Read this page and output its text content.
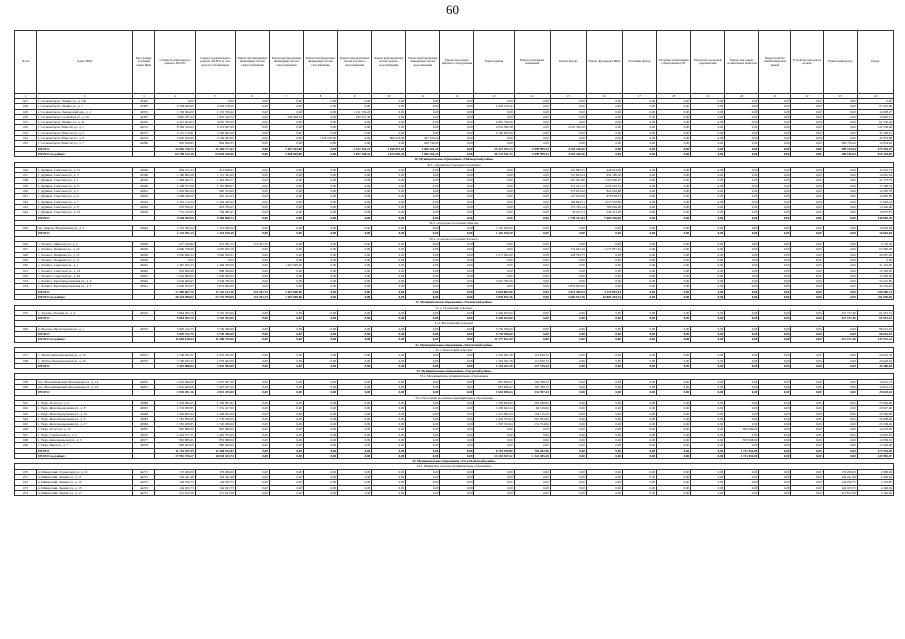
60
№ п/п	Адрес МКД	Про-грамма/ условный номер МКД	Стоимость капитального ремонта, ВСЕГО	Стоимость капитального ремонта, ВСЕГО за счет средств собственников	Ремонт внутридомовых инженерных систем электроснабжения	Ремонт внутридомовых инженерных систем теплоснабжения	Ремонт внутридомовых инженерных систем газоснабжения	Ремонт внутридомовых систем холодного водоснабжения	Ремонт внутридомовых систем горячего водоснабжения	Ремонт внутридомовых инженерных систем водоотведения	Ремонт или замена лифтового оборудования	Ремонт крыши	Ремонт подвальных помещений	Ремонт фасада	Ремонт фундамента МКД	Утепление фасада	Установка коллективных (общедомовых) ПУ	Разработка проектной документации	Ремонт или замена отопительных приборов	Переустройство невентилируемой крыши	Устройство выходов на кровлю	Технический надзор	Резерв
1	2	3	4	5	6	7	8	9	10	11	12	13	14	15	16	17	18	19	20	21	22	23	24
627	г. Сосновоборск, Ленина ул., д. 11Б	47467	0,00	0,00	0,00	0,00	0,00	0,00	0,00	0,00	0,00	0,00	0,00	0,00	0,00	0,00	0,00	0,00	0,00	0,00	0,00	0,00	0,00
628	г. Сосновоборск, Ленина ул., д. 7	47497	4 358 469,99	4 403 159,20	0,00	0,00	0,00	0,00	0,00	0,00	0,00	4 403 159,20	0,00	0,00	0,00	0,00	0,00	0,00	0,00	0,00	0,00	0,00	67 265,89
629	г. Сосновоборск, Пионерский пер., д. 1	43055	1 158 364,00	1 135 726,22	0,00	0,00	0,00	1 121 726,22	0,00	0,00	0,00	0,00	0,00	0,00	0,00	0,00	0,00	0,00	0,00	0,00	0,00	0,00	14 828,27
630	г. Сосновоборск, Солнечная ул., д. 56	43467	3 865 357,44	1 065 524,72	0,00	644 969,34	0,00	220 315,36	0,00	0,00	0,00	0,00	0,00	0,00	0,00	0,00	0,00	0,00	0,00	0,00	0,00	0,00	14 865,72
631	г. Сосновоборск, Ленина ул., д. 10	43265	4 247 954,64	4 081 790,20	0,00	0,00	0,00	0,00	0,00	0,00	0,00	4 081 790,20	0,00	0,00	0,00	0,00	0,00	0,00	0,00	0,00	0,00	0,00	61 556,46
632	г. Сосновоборск, Юности ул., д. 1	43272	8 384 550,64	8 119 947,69	0,00	0,00	0,00	0,00	0,00	0,00	0,00	4 054 589,28	0,00	4 255 336,56	0,00	0,00	0,00	0,00	0,00	0,00	0,00	0,00	122 558,48
633	г. Сосновоборск, Юности ул., д. 5	43273	2 152 176,81	2 100 665,09	0,00	0,00	0,00	0,00	0,00	0,00	0,00	2 100 665,09	0,00	0,00	0,00	0,00	0,00	0,00	0,00	0,00	0,00	0,00	31 509,61
634	г. Сосновоборск, Юности ул., д. 9	43276	2 802 456,90	2 760 283,00	0,00	0,00	1 526 536,00	0,00	806 416,80	427 329,20	0,00	0,00	0,00	0,00	0,00	0,00	0,00	0,00	0,00	0,00	0,00	0,00	41 879,88
635	г. Сосновоборск, Юности ул., д. 7	43286	965 268,85	864 096,35	0,00	0,00	0,00	0,00	0,00	299 736,06	0,00	0,00	0,00	0,00	0,00	0,00	0,00	0,00	0,00	0,00	0,00	299 736,94	12 954,63
	ИТОГО		32 056 726,73	31 265 177,02	0,00	2 467 543,00	0,00	2 327 432,21	1 026 871,63	1 060 161,25	0,00	25 474 393,13	2 999 999,34	4 255 336,56	0,00	0,00	0,00	0,00	0,00	0,00	0,00	299 736,94	475 518,37
	ИТОГО по району:		64 798 314,18	63 659 226,90	0,00	5 468 849,86	0,00	2 857 348,32	1 633 605,42	1 060 161,25	0,00	49 174 391,13	2 999 999,34	4 255 336,56	0,00	0,00	0,00	0,00	0,00	0,00	0,00	299 736,94	953 184,99
30. Муниципальное образование «Таймырский район»																							
30.1. «Дудинское городское поселение»																							
636	г. Дудинка, Советская ул., д. 15	43609	893 471,23	811 848,61	0,00	0,00	0,00	0,00	0,00	0,00	0,00	0,00	0,00	161 895,25	649 953,99	0,00	0,00	0,00	0,00	0,00	0,00	0,00	11 952,72
637	г. Дудинка, Советская ул., д. 3	43598	1 186 983,28	1 151 341,00	0,00	0,00	0,00	0,00	0,00	0,00	0,00	0,00	0,00	137 903,24	954 186,56	0,00	0,00	0,00	0,00	0,00	0,00	0,00	16 691,54
638	г. Дудинка, Советская ул., д. 1	43599	1 468 602,71	1 462 294,71	0,00	0,00	0,00	0,00	0,00	0,00	0,00	0,00	0,00	297 297,86	1 165 996,67	0,00	0,00	0,00	0,00	0,00	0,00	0,00	21 373,79
639	г. Дудинка, Советская ул., д. 9	43600	1 198 757,69	1 181 898,07	0,00	0,00	0,00	0,00	0,00	0,00	0,00	0,00	0,00	151 101,12	1 030 532,34	0,00	0,00	0,00	0,00	0,00	0,00	0,00	17 308,32
640	г. Дудинка, Советская ул., д. 5	43601	1 003 843,24	995 553,00	0,00	0,00	0,00	0,00	0,00	0,00	0,00	0,00	0,00	172 933,62	822 618,88	0,00	0,00	0,00	0,00	0,00	0,00	0,00	14 595,78
641	г. Дудинка, Советская ул., д. 6	43603	1 008 186,00	991 412,24	0,00	0,00	0,00	0,00	0,00	0,00	0,00	0,00	0,00	127 052,09	878 658,53	0,00	0,00	0,00	0,00	0,00	0,00	0,00	14 895,99
642	г. Дудинка, Советская ул., д. 7	43604	1 216 112,54	1 204 445,52	0,00	0,00	0,00	0,00	0,00	0,00	0,00	0,00	0,00	190 894,71	1 013 550,80	0,00	0,00	0,00	0,00	0,00	0,00	0,00	17 663,42
643	г. Дудинка, Советская ул., д. 8	43629	935 050,21	923 079,21	0,00	0,00	0,00	0,00	0,00	0,00	0,00	0,00	0,00	174 745,14	789 609,69	0,00	0,00	0,00	0,00	0,00	0,00	0,00	13 440,06
644	г. Дудинка, Советская ул., д. 10	43630	751 145,93	749 495,41	0,00	0,00	0,00	0,00	0,00	0,00	0,00	0,00	0,00	76 257,13	534 314,18	0,00	0,00	0,00	0,00	0,00	0,00	0,00	10 975,81
	ИТОГО		9 538 499,59	9 480 008,73	0,00	0,00	0,00	0,00	0,00	0,00	0,00	0,00	0,00	1 790 471,83	7 689 536,90	0,00	0,00	0,00	0,00	0,00	0,00	0,00	138 085,78
30.2. «Городское поселение Диксон»																							
645	пгт. Диксон, Водопьянова ул., д. 2	43944	1 125 393,24	1 110 928,20	0,00	0,00	0,00	0,00	0,00	0,00	0,00	1 110 929,20	0,00	0,00	0,00	0,00	0,00	0,00	0,00	0,00	0,00	0,00	16 663,94
	ИТОГО		1 125 591,24	1 110 929,20	0,00	0,00	0,00	0,00	0,00	0,00	0,00	1 110 929,20	0,00	0,00	0,00	0,00	0,00	0,00	0,00	0,00	0,00	0,00	16 663,94
30.3. «Сельское поселение Хатанга»																							
646	с. Хатанга, Айваседо ул., д. 2	43090	217 426,80	213 291,75	213 291,75	0,00	0,00	0,00	0,00	0,00	0,00	0,00	0,00	0,00	0,00	0,00	0,00	0,00	0,00	0,00	0,00	0,00	4 133,39
647	с. Хатанга, Полярная ул., д. 10	43930	4 660 758,60	4 605 920,10	0,00	0,00	0,00	0,00	0,00	0,00	0,00	0,00	0,00	710 645,18	3 175 857,44	0,00	0,00	0,00	0,00	0,00	0,00	0,00	67 906,49
648	с. Хатанга, Полярная ул., д. 13	43936	2 656 690,34	2 600 030,01	0,00	0,00	0,00	0,00	0,00	0,00	0,00	2 371 092,66	0,00	228 793,75	0,00	0,00	0,00	0,00	0,00	0,00	0,00	0,00	39 097,03
649	с. Хатанга, Полярная ул., д. 11	43939	0,00	0,00	0,00	0,00	0,00	0,00	0,00	0,00	0,00	0,00	0,00	0,00	0,00	0,00	0,00	0,00	0,00	0,00	0,00	0,00	0,00
650	с. Хатанга, Советская ул., д. 1	43945	1 467 052,33	1 409 700,00	0,00	1 407 600,00	0,00	0,00	0,00	0,00	0,00	0,00	0,00	0,00	0,00	0,00	0,00	0,00	0,00	0,00	0,00	0,00	21 116,00
651	с. Хатанга, Советская ул., д. 19	43946	952 909,98	888 399,00	0,00	0,00	0,00	0,00	0,00	0,00	0,00	0,00	0,00	0,00	0,00	0,00	0,00	0,00	0,00	0,00	0,00	0,00	13 320,95
652	с. Хатанга, Советская ул., д. 20	43947	1 042 800,00	1 000 000,00	0,00	0,00	0,00	0,00	0,00	0,00	0,00	0,00	0,00	0,00	0,00	0,00	0,00	0,00	0,00	0,00	0,00	0,00	15 000,00
653	с. Хатанга, Краснопресненская ул., д. 6	43940	3 636 466,67	3 549 790,30	0,00	0,00	0,00	0,00	0,00	0,00	0,00	3 547 790,30	0,00	0,00	0,00	0,00	0,00	0,00	0,00	0,00	0,00	0,00	53 216,85
654	с. Хатанга, Краснопресненская ул., д. 3	43941	2 946 503,07	2 874 002,00	0,00	0,00	0,00	0,00	0,00	0,00	0,00	0,00	0,00	2 874 002,00	0,00	0,00	0,00	0,00	0,00	0,00	0,00	0,00	43 110,03
	ИТОГО		17 580 607,79	17 141 132,16	213 291,75	1 407 600,00	0,00	0,00	0,00	0,00	0,00	5 918 882,96	0,00	3 813 440,93	3 175 857,44	0,00	0,00	0,00	0,00	0,00	0,00	0,00	256 900,74
	ИТОГО по району:		28 244 698,62	27 732 070,09	213 291,75	1 407 600,00	0,00	0,00	0,00	0,00	0,00	7 029 812,16	0,00	5 603 912,76	10 865 394,34	0,00	0,00	0,00	0,00	0,00	0,00	0,00	411 650,46
31. Муниципальное образование «Тасеевский район»																							
31.1. Тасеевский сельсовет																							
655	с. Тасеево, Луговая ул., д. 4	43952	5 864 405,79	5 762 353,06	0,00	0,00	0,00	0,00	0,00	0,00	0,00	5 440 625,60	0,00	0,00	0,00	0,00	0,00	0,00	0,00	0,00	0,00	321 727,46	61 915,51
	ИТОГО		5 864 405,79	5 762 353,06	0,00	0,00	0,00	0,00	0,00	0,00	0,00	5 440 625,60	0,00	0,00	0,00	0,00	0,00	0,00	0,00	0,00	0,00	321 727,46	61 915,51
31.2. Веселовский сельсовет																							
656	п. Веселое, Пролетарская ул., д. 1	43953	5 820 412,75	5 736 396,00	0,00	0,00	0,00	0,00	0,00	0,00	0,00	5 736 396,00	0,00	0,00	0,00	0,00	0,00	0,00	0,00	0,00	0,00	0,00	86 015,91
	ИТОГО		5 820 412,75	5 736 396,00	0,00	0,00	0,00	0,00	0,00	0,00	0,00	5 736 396,00	0,00	0,00	0,00	0,00	0,00	0,00	0,00	0,00	0,00	0,00	86 015,91
	ИТОГО по району:		11 684 818,54	11 498 749,06	0,00	0,00	0,00	0,00	0,00	0,00	0,00	11 177 021,60	0,00	0,00	0,00	0,00	0,00	0,00	0,00	0,00	0,00	321 727,46	147 931,42
32. Муниципальное образование «Тюхтетский район»																							
32.1. Тюхтетский сельсовет																							
657	с. Тюхтет, Комсомольская ул., д. 33	43951	1 700 933,32	1 676 292,00	0,00	0,00	0,00	0,00	0,00	0,00	0,00	1 562 631,58	113 659,72	0,00	0,00	0,00	0,00	0,00	0,00	0,00	0,00	0,00	24 643,32
658	с. Тюхтет, Комсомольская ул., д. 32	43955	1 700 933,32	1 676 292,00	0,00	0,00	0,00	0,00	0,00	0,00	0,00	1 562 631,58	113 659,72	0,00	0,00	0,00	0,00	0,00	0,00	0,00	0,00	0,00	24 643,32
	ИТОГО		3 401 866,64	3 352 584,00	0,00	0,00	0,00	0,00	0,00	0,00	0,00	3 125 263,16	227 319,44	0,00	0,00	0,00	0,00	0,00	0,00	0,00	0,00	0,00	49 286,64
33. Муниципальное образование «Ужурский район»																							
33.1. Малоимышское муниципальное образование																							
659	пос. Малоимышский, Молодежная ул., д. 14	44065	1 022 646,08	1 007 627,50	0,00	0,00	0,00	0,00	0,00	0,00	0,00	801 829,22	165 798,72	0,00	0,00	0,00	0,00	0,00	0,00	0,00	0,00	0,00	14 812,72
660	пос. Малоимышский, Молодежная ул., д. 16	44067	1 022 645,08	1 007 627,50	0,00	0,00	0,00	0,00	0,00	0,00	0,00	801 829,22	165 798,72	0,00	0,00	0,00	0,00	0,00	0,00	0,00	0,00	0,00	14 812,72
	ИТОГО		2 045 291,16	2 015 255,00	0,00	0,00	0,00	0,00	0,00	0,00	0,00	1 603 658,44	331 597,44	0,00	0,00	0,00	0,00	0,00	0,00	0,00	0,00	0,00	29 625,44
33.2. Поселение поселковое муниципальное образование																							
661	г. Ужур, 30 лет ул., д. 4	43980	1 636 084,25	1 596 901,82	0,00	0,00	0,00	0,00	0,00	0,00	0,00	1 393 854,00	203 048,82	0,00	0,00	0,00	0,00	0,00	0,00	0,00	0,00	0,00	23 946,96
662	г. Ужур, Железнодорожная ул., д. 8	43981	1 353 909,85	1 351 167,00	0,00	0,00	0,00	0,00	0,00	0,00	0,00	1 299 622,34	94 518,66	0,00	0,00	0,00	0,00	0,00	0,00	0,00	0,00	0,00	20 927,00
663	г. Ужур, Железнодорожная ул., д. 12	43982	1 430 900,44	1 400 962,00	0,00	0,00	0,00	0,00	0,00	0,00	0,00	1 312 993,54	104 115,46	0,00	0,00	0,00	0,00	0,00	0,00	0,00	0,00	0,00	22 000,00
664	г. Ужур, Железнодорожная ул., д. 6	43983	1 781 809,68	1 735 180,00	0,00	0,00	0,00	0,00	0,00	0,00	0,00	1 524 355,04	210 824,96	0,00	0,00	0,00	0,00	0,00	0,00	0,00	0,00	0,00	26 099,00
665	г. Ужур, Железнодорожная ул., д. 17	43984	1 581 209,85	1 545 289,00	0,00	0,00	0,00	0,00	0,00	0,00	0,00	1 393 534,94	151 754,06	0,00	0,00	0,00	0,00	0,00	0,00	0,00	0,00	0,00	23 209,26
666	г. Ужур, 30 лет ул., д. 17	43985	865 886,00	865 086,00	0,00	0,00	0,00	0,00	0,00	0,00	0,00	0,00	0,00	0,00	0,00	0,00	0,00	0,00	865 086,00	0,00	0,00	0,00	12 976,29
667	г. Ужур, Строителей ул., д. 5	43976	1 434 377,35	1 405 372,00	0,00	0,00	0,00	0,00	0,00	0,00	0,00	0,00	0,00	0,00	0,00	0,00	0,00	0,00	0,00	0,00	0,00	0,00	19 005,35
668	г. Ужур, Комсомольская ул., д. 3	43977	865 885,91	855 968,00	0,00	0,00	0,00	0,00	0,00	0,00	0,00	0,00	0,00	0,00	0,00	0,00	0,00	0,00	855 968,00	0,00	0,00	0,00	12 839,52
669	г. Ужур, Мира ул., д. 7	43978	890 305,66	880 000,00	0,00	0,00	0,00	0,00	0,00	0,00	0,00	0,00	0,00	0,00	0,00	0,00	0,00	0,00	0,00	0,00	0,00	0,00	13 200,00
	ИТОГО		11 744 187,55	11 568 922,82	0,00	0,00	0,00	0,00	0,00	0,00	0,00	8 193 359,86	764 262,96	0,00	0,00	0,00	0,00	0,00	1 721 054,00	0,00	0,00	0,00	173 533,38
	ИТОГО по району:		17 991 476,27	16 944 433,74	0,00	0,00	0,00	0,00	0,00	0,00	0,00	13 210 547,22	1 322 305,28	0,00	0,00	0,00	0,00	0,00	1 721 054,00	0,00	0,00	0,00	247 882,07
34. Муниципальное образование «Усть-Илимский район»																							
34.1. Шиверское сельское муниципальное образование																							
670	п. Шиверский, Строителей ул., д. 12	44271	179 299,00	179 299,00	0,00	0,00	0,00	0,00	0,00	0,00	0,00	0,00	0,00	0,00	0,00	0,00	0,00	0,00	0,00	0,00	0,00	179 299,00	2 689,49
671	п. Шиверский, Ленина ул., д. 11	44272	164 441,48	164 441,48	0,00	0,00	0,00	0,00	0,00	0,00	0,00	0,00	0,00	0,00	0,00	0,00	0,00	0,00	0,00	0,00	0,00	164 441,48	2 466,62
672	п. Шиверский, Ленина ул., д. 13	44273	144 256,75	144 256,75	0,00	0,00	0,00	0,00	0,00	0,00	0,00	0,00	0,00	0,00	0,00	0,00	0,00	0,00	0,00	0,00	0,00	144 256,75	2 163,85
673	п. Шиверский, Ленина ул., д. 15	44274	164 023,73	164 023,73	0,00	0,00	0,00	0,00	0,00	0,00	0,00	0,00	0,00	0,00	0,00	0,00	0,00	0,00	0,00	0,00	0,00	164 023,73	2 460,36
674	п. Шиверский, Ленина ул., д. 17	44275	212 813,38	212 813,38	0,00	0,00	0,00	0,00	0,00	0,00	0,00	0,00	0,00	0,00	0,00	0,00	0,00	0,00	0,00	0,00	0,00	212 813,38	3 192,20
